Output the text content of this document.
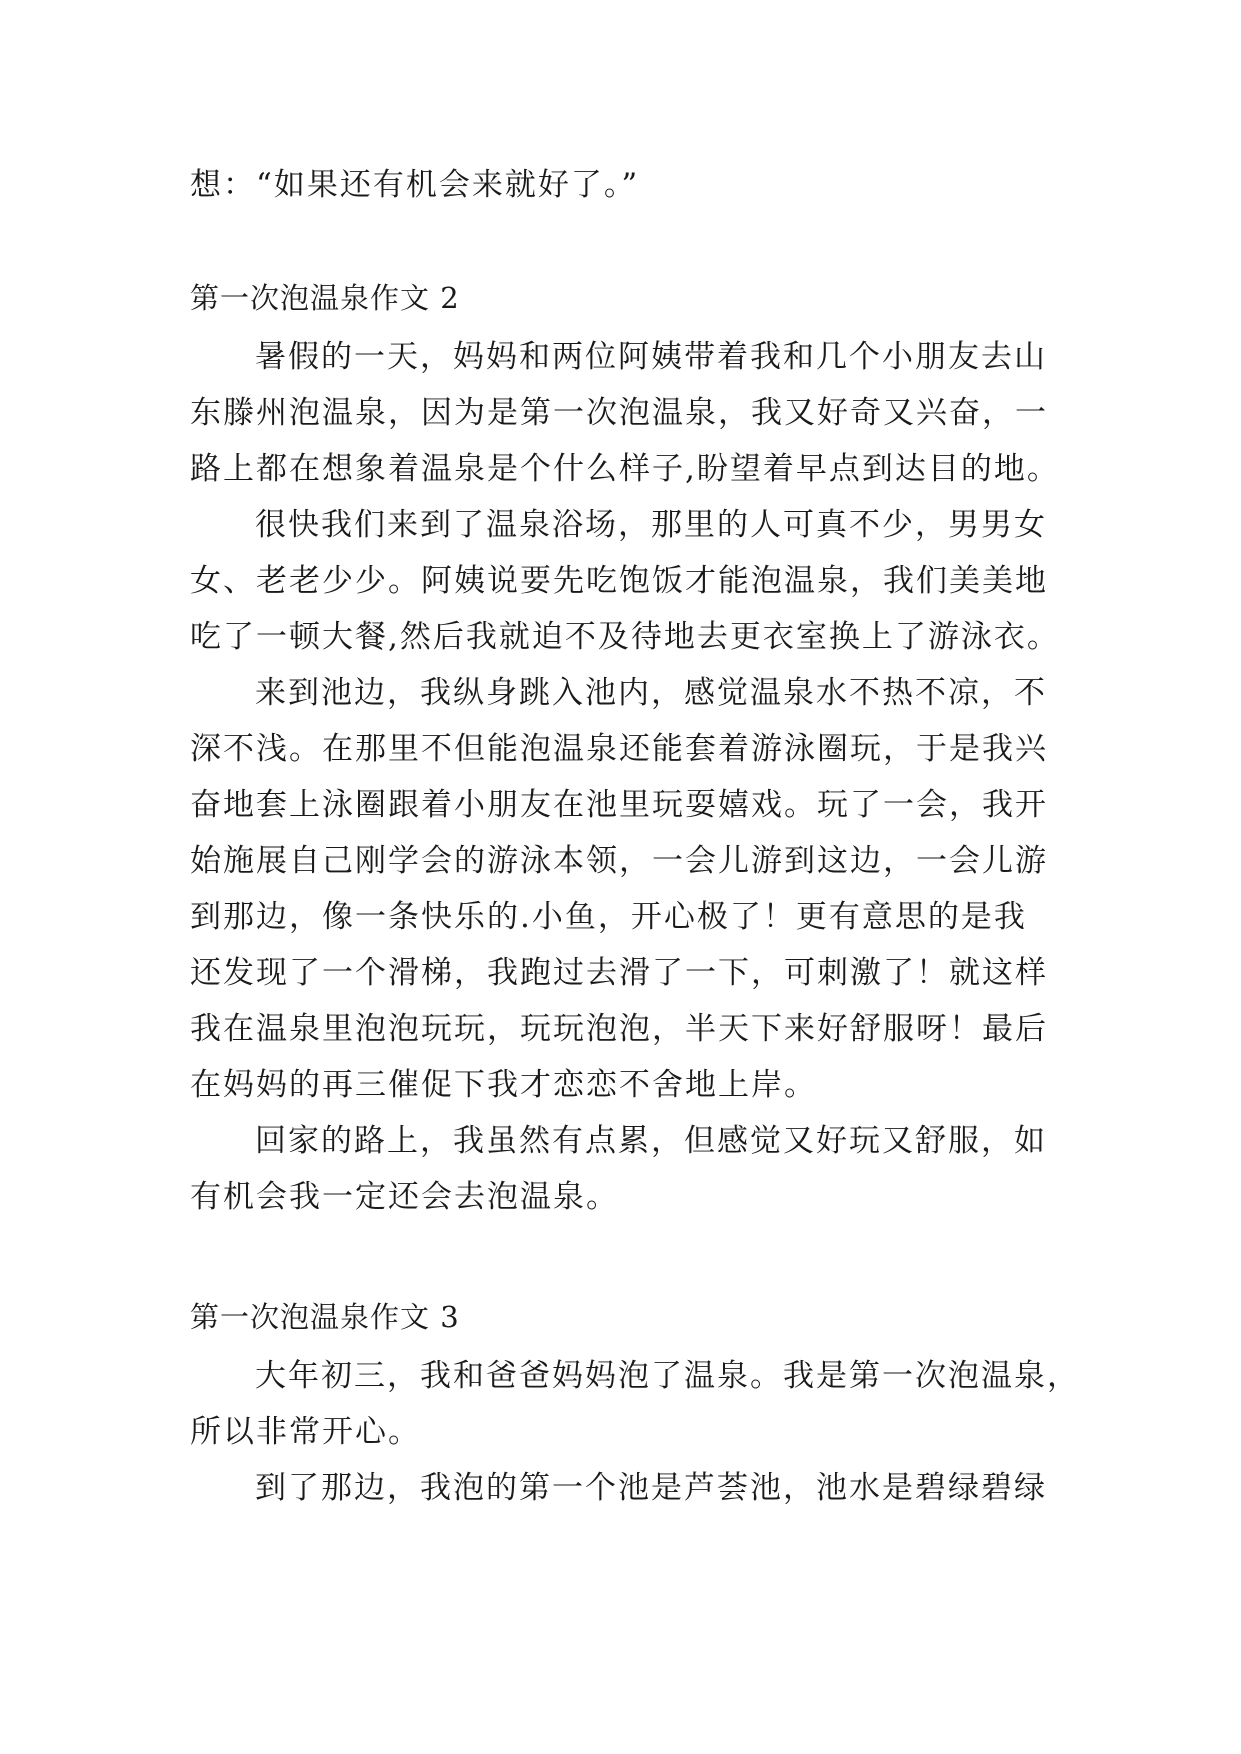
想：“如果还有机会来就好了。”
第一次泡温泉作文 2
暑假的一天，妈妈和两位阿姨带着我和几个小朋友去山
东滕州泡温泉，因为是第一次泡温泉，我又好奇又兴奋，一
路上都在想象着温泉是个什么样子,盼望着早点到达目的地。
很快我们来到了温泉浴场，那里的人可真不少，男男女
女、老老少少。阿姨说要先吃饱饭才能泡温泉，我们美美地
吃了一顿大餐,然后我就迫不及待地去更衣室换上了游泳衣。
来到池边，我纵身跳入池内，感觉温泉水不热不凉，不
深不浅。在那里不但能泡温泉还能套着游泳圈玩，于是我兴
奋地套上泳圈跟着小朋友在池里玩耍嬉戏。玩了一会，我开
始施展自己刚学会的游泳本领，一会儿游到这边，一会儿游
到那边，像一条快乐的.小鱼，开心极了！更有意思的是我
还发现了一个滑梯，我跑过去滑了一下，可刺激了！就这样
我在温泉里泡泡玩玩，玩玩泡泡，半天下来好舒服呀！最后
在妈妈的再三催促下我才恋恋不舍地上岸。
回家的路上，我虽然有点累，但感觉又好玩又舒服，如
有机会我一定还会去泡温泉。
第一次泡温泉作文 3
大年初三，我和爸爸妈妈泡了温泉。我是第一次泡温泉，
所以非常开心。
到了那边，我泡的第一个池是芦荟池，池水是碧绿碧绿
